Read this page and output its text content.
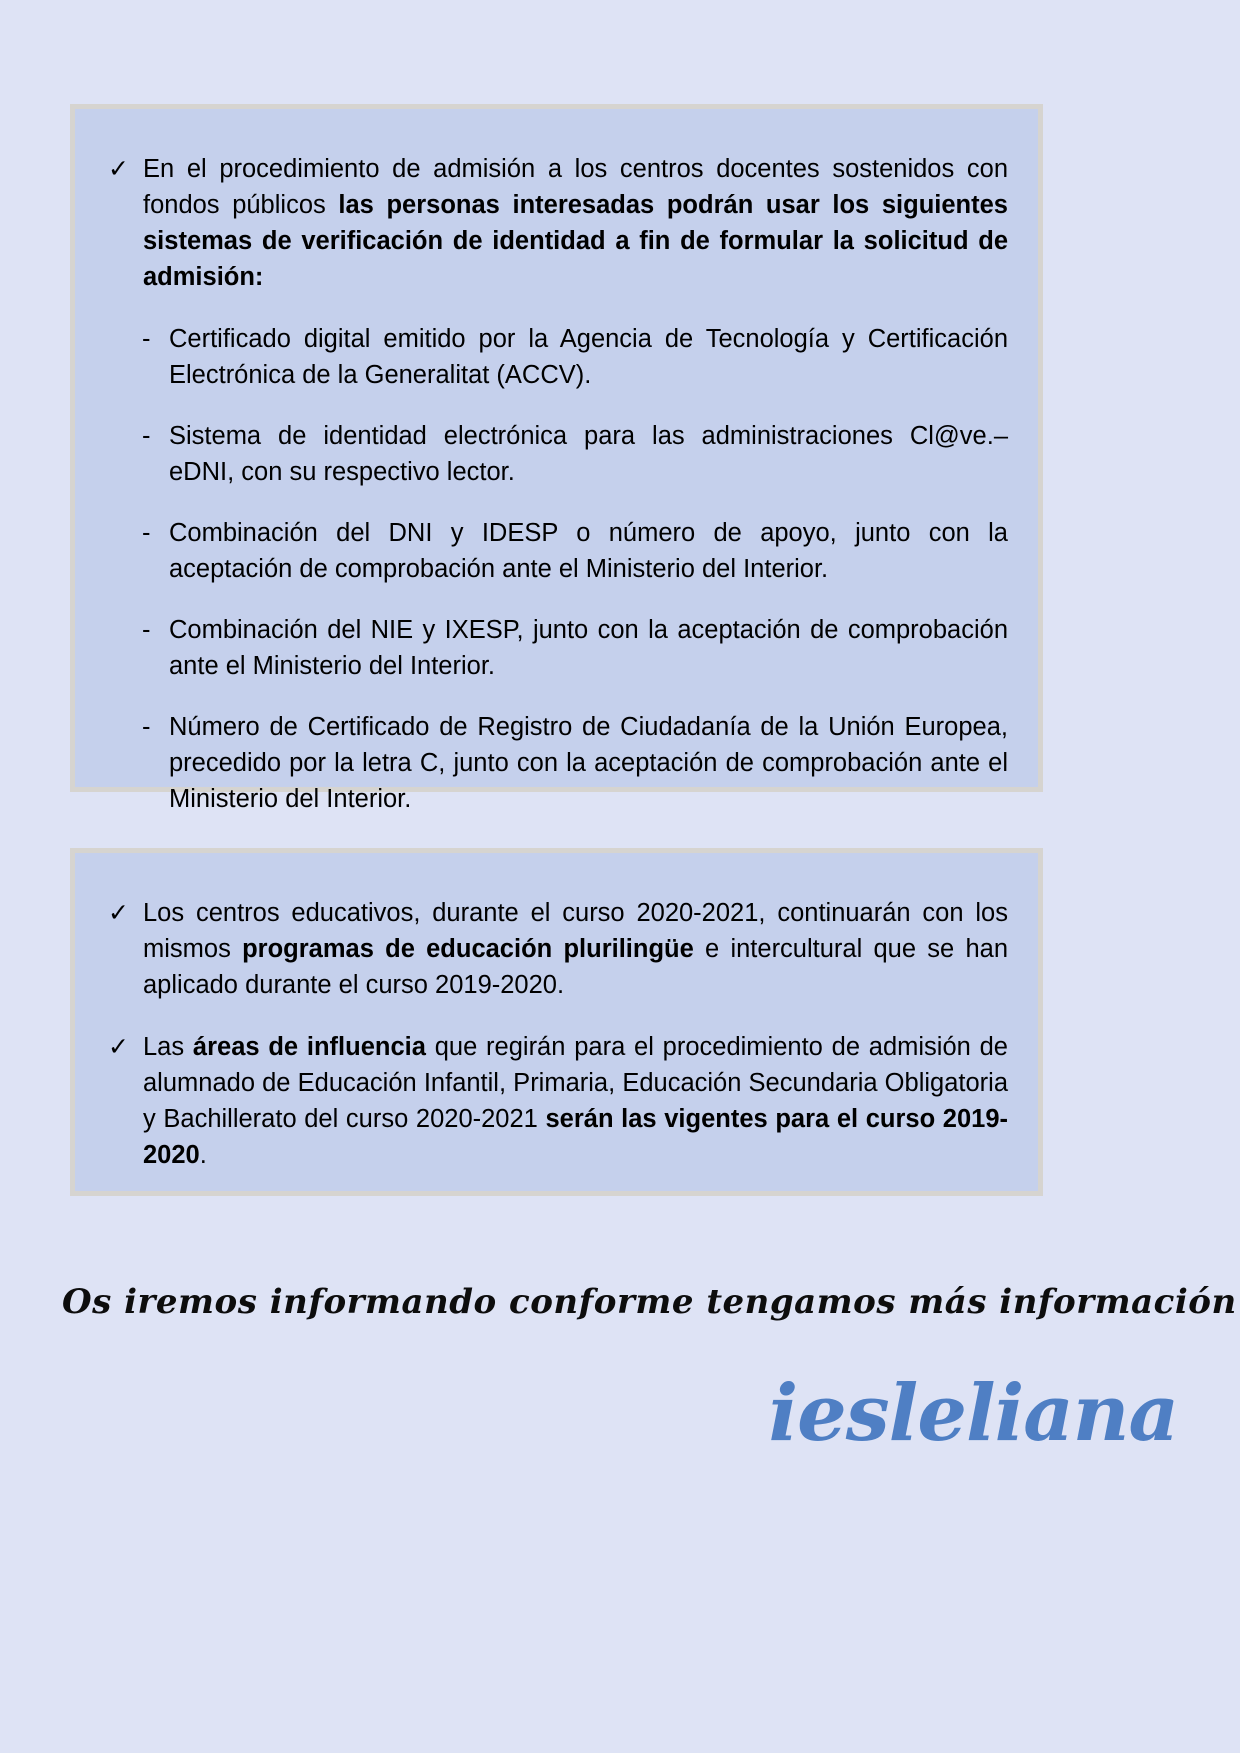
✓ En el procedimiento de admisión a los centros docentes sostenidos con fondos públicos las personas interesadas podrán usar los siguientes sistemas de verificación de identidad a fin de formular la solicitud de admisión:
- Certificado digital emitido por la Agencia de Tecnología y Certificación Electrónica de la Generalitat (ACCV).
- Sistema de identidad electrónica para las administraciones Cl@ve.– eDNI, con su respectivo lector.
- Combinación del DNI y IDESP o número de apoyo, junto con la aceptación de comprobación ante el Ministerio del Interior.
- Combinación del NIE y IXESP, junto con la aceptación de comprobación ante el Ministerio del Interior.
- Número de Certificado de Registro de Ciudadanía de la Unión Europea, precedido por la letra C, junto con la aceptación de comprobación ante el Ministerio del Interior.
✓ Los centros educativos, durante el curso 2020-2021, continuarán con los mismos programas de educación plurilingüe e intercultural que se han aplicado durante el curso 2019-2020.
✓ Las áreas de influencia que regirán para el procedimiento de admisión de alumnado de Educación Infantil, Primaria, Educación Secundaria Obligatoria y Bachillerato del curso 2020-2021 serán las vigentes para el curso 2019-2020.
Os iremos informando conforme tengamos más información
iesleliana
